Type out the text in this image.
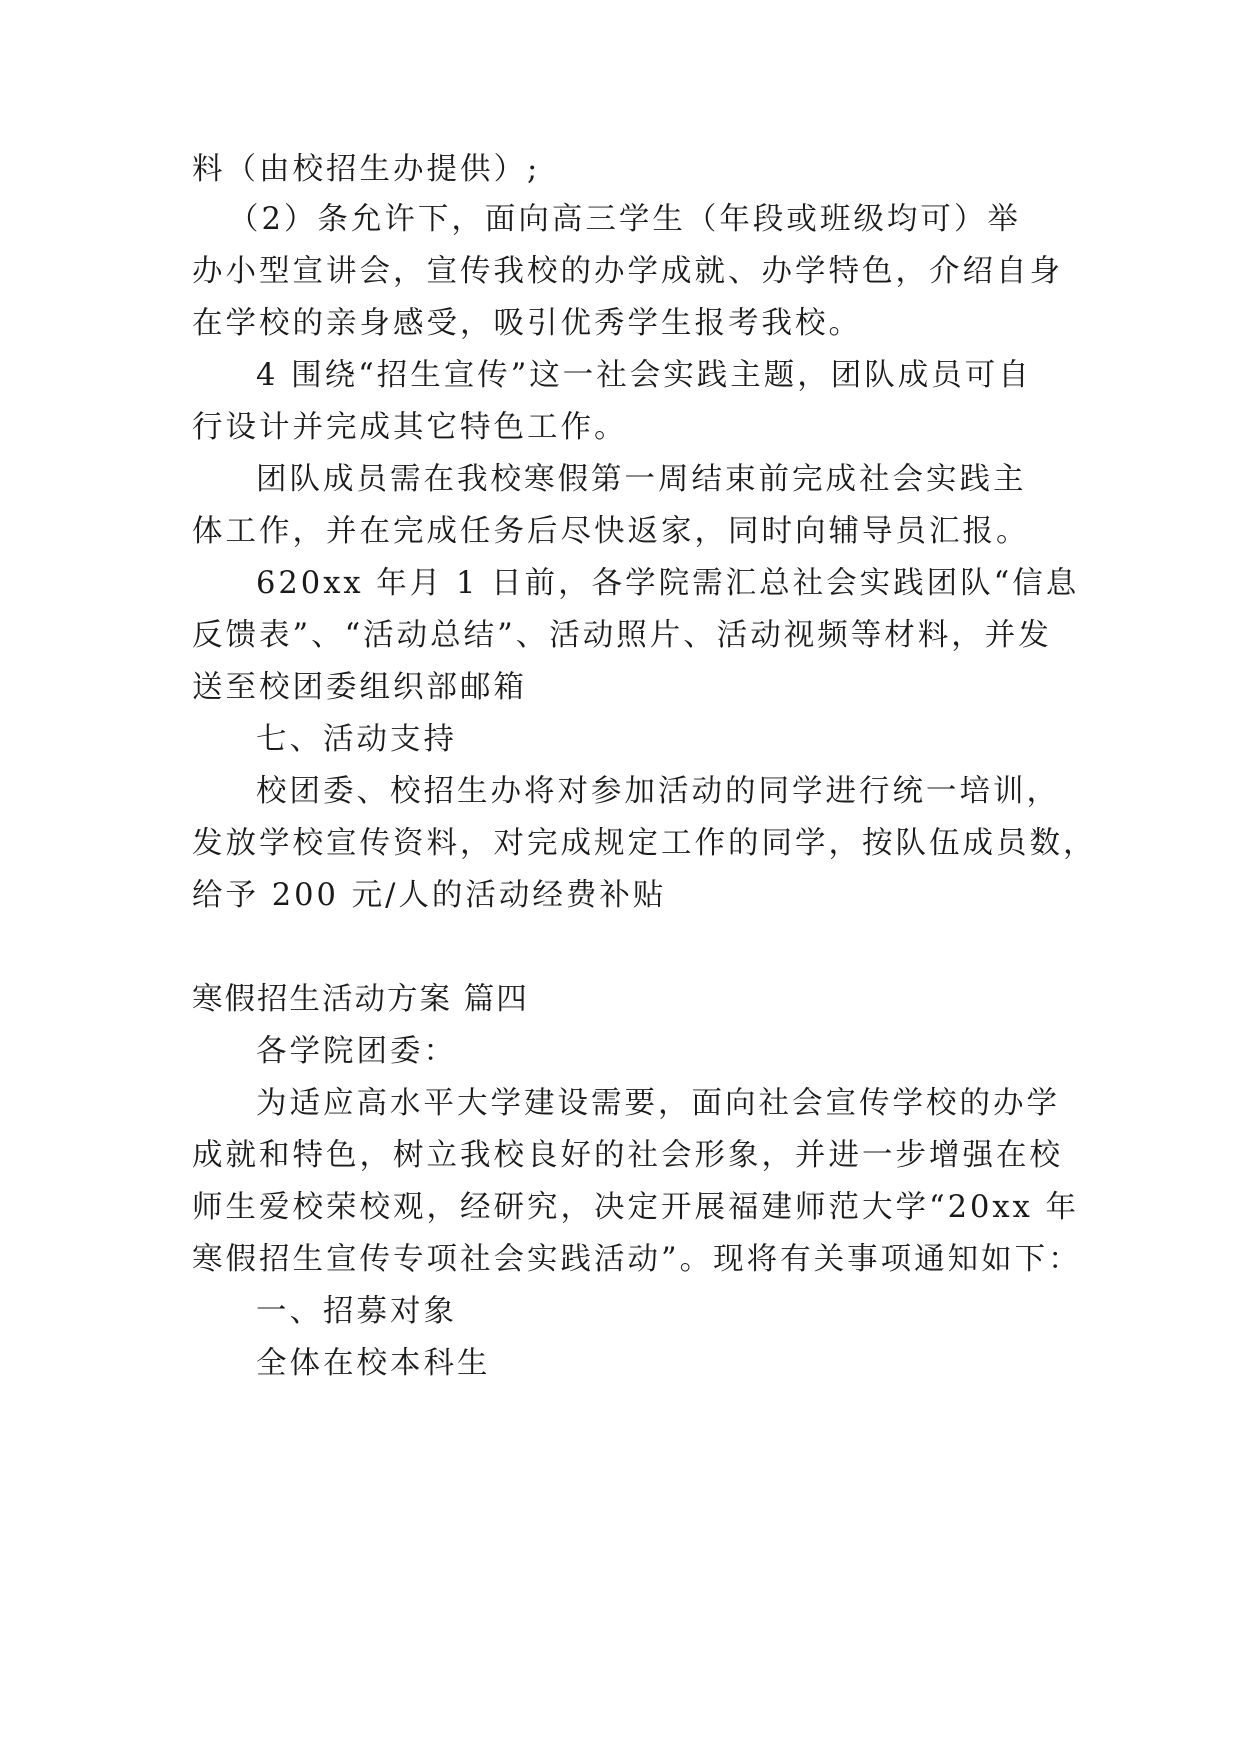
料（由校招生办提供）;
（2）条允许下，面向高三学生（年段或班级均可）举
办小型宣讲会，宣传我校的办学成就、办学特色，介绍自身
在学校的亲身感受，吸引优秀学生报考我校。
4 围绕“招生宣传”这一社会实践主题，团队成员可自
行设计并完成其它特色工作。
团队成员需在我校寒假第一周结束前完成社会实践主
体工作，并在完成任务后尽快返家，同时向辅导员汇报。
620xx 年月 1 日前，各学院需汇总社会实践团队“信息
反馈表”、“活动总结”、活动照片、活动视频等材料，并发
送至校团委组织部邮箱
七、活动支持
校团委、校招生办将对参加活动的同学进行统一培训，
发放学校宣传资料，对完成规定工作的同学，按队伍成员数，
给予 200 元/人的活动经费补贴
寒假招生活动方案 篇四
各学院团委：
为适应高水平大学建设需要，面向社会宣传学校的办学
成就和特色，树立我校良好的社会形象，并进一步增强在校
师生爱校荣校观，经研究，决定开展福建师范大学“20xx 年
寒假招生宣传专项社会实践活动”。现将有关事项通知如下：
一、招募对象
全体在校本科生
